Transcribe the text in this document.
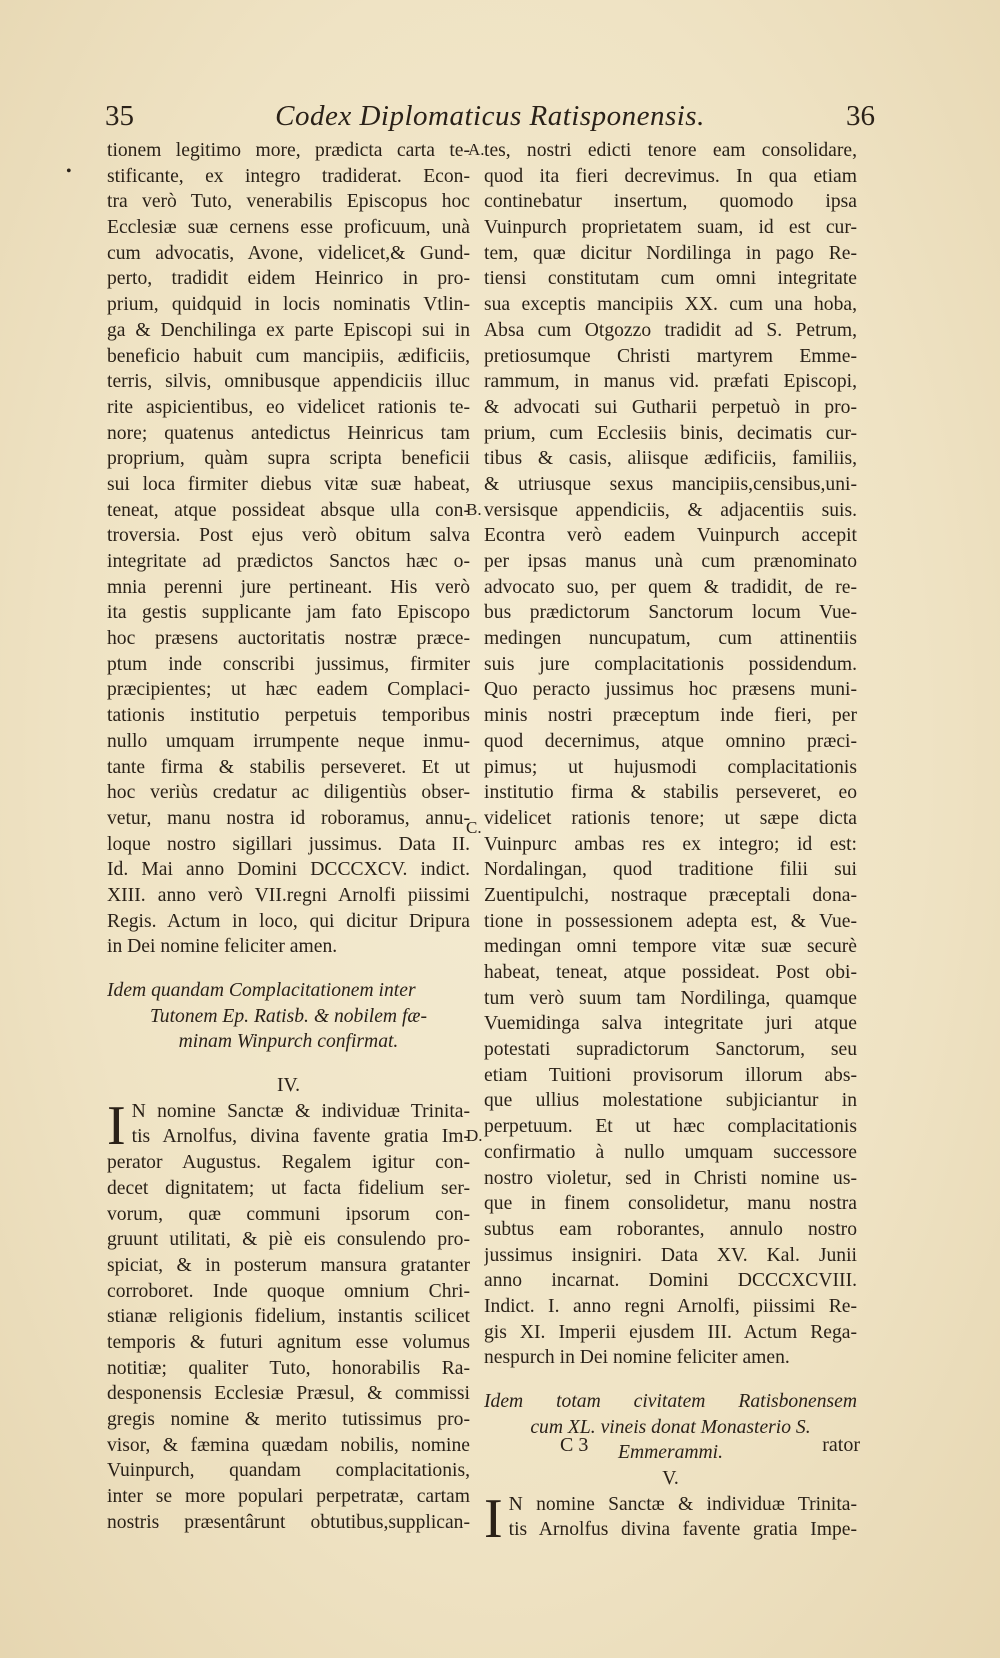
35	Codex Diplomaticus Ratisponensis.	36
•
A.
B.
C.
D.
tionem legitimo more, prædicta carta te-
stificante, ex integro tradiderat. Econ-
tra verò Tuto, venerabilis Episcopus hoc
Ecclesiæ suæ cernens esse proficuum, unà
cum advocatis, Avone, videlicet,& Gund-
perto, tradidit eidem Heinrico in pro-
prium, quidquid in locis nominatis Vtlin-
ga & Denchilinga ex parte Episcopi sui in
beneficio habuit cum mancipiis, ædificiis,
terris, silvis, omnibusque appendiciis illuc
rite aspicientibus, eo videlicet rationis te-
nore; quatenus antedictus Heinricus tam
proprium, quàm supra scripta beneficii
sui loca firmiter diebus vitæ suæ habeat,
teneat, atque possideat absque ulla con-
troversia. Post ejus verò obitum salva
integritate ad prædictos Sanctos hæc o-
mnia perenni jure pertineant. His verò
ita gestis supplicante jam fato Episcopo
hoc præsens auctoritatis nostræ præce-
ptum inde conscribi jussimus, firmiter
præcipientes; ut hæc eadem Complaci-
tationis institutio perpetuis temporibus
nullo umquam irrumpente neque inmu-
tante firma & stabilis perseveret. Et ut
hoc veriùs credatur ac diligentiùs obser-
vetur, manu nostra id roboramus, annu-
loque nostro sigillari jussimus. Data II.
Id. Mai anno Domini DCCCXCV. indict.
XIII. anno verò VII.regni Arnolfi piissimi
Regis. Actum in loco, qui dicitur Dripura
in Dei nomine feliciter amen.
Idem quandam Complacitationem inter
Tutonem Ep. Ratisb. & nobilem fæ-
minam Winpurch confirmat.
IV.
I N nomine Sanctæ & individuæ Trinita-
tis Arnolfus, divina favente gratia Im-
perator Augustus. Regalem igitur con-
decet dignitatem; ut facta fidelium ser-
vorum, quæ communi ipsorum con-
gruunt utilitati, & piè eis consulendo pro-
spiciat, & in posterum mansura gratanter
corroboret. Inde quoque omnium Chri-
stianæ religionis fidelium, instantis scilicet
temporis & futuri agnitum esse volumus
notitiæ; qualiter Tuto, honorabilis Ra-
desponensis Ecclesiæ Præsul, & commissi
gregis nomine & merito tutissimus pro-
visor, & fæmina quædam nobilis, nomine
Vuinpurch, quandam complacitationis,
inter se more populari perpetratæ, cartam
nostris præsentârunt obtutibus,supplican-
tes, nostri edicti tenore eam consolidare,
quod ita fieri decrevimus. In qua etiam
continebatur insertum, quomodo ipsa
Vuinpurch proprietatem suam, id est cur-
tem, quæ dicitur Nordilinga in pago Re-
tiensi constitutam cum omni integritate
sua exceptis mancipiis XX. cum una hoba,
Absa cum Otgozzo tradidit ad S. Petrum,
pretiosumque Christi martyrem Emme-
rammum, in manus vid. præfati Episcopi,
& advocati sui Gutharii perpetuò in pro-
prium, cum Ecclesiis binis, decimatis cur-
tibus & casis, aliisque ædificiis, familiis,
& utriusque sexus mancipiis,censibus,uni-
versisque appendiciis, & adjacentiis suis.
Econtra verò eadem Vuinpurch accepit
per ipsas manus unà cum prænominato
advocato suo, per quem & tradidit, de re-
bus prædictorum Sanctorum locum Vue-
medingen nuncupatum, cum attinentiis
suis jure complacitationis possidendum.
Quo peracto jussimus hoc præsens muni-
minis nostri præceptum inde fieri, per
quod decernimus, atque omnino præci-
pimus; ut hujusmodi complacitationis
institutio firma & stabilis perseveret, eo
videlicet rationis tenore; ut sæpe dicta
Vuinpurc ambas res ex integro; id est:
Nordalingan, quod traditione filii sui
Zuentipulchi, nostraque præceptali dona-
tione in possessionem adepta est, & Vue-
medingan omni tempore vitæ suæ securè
habeat, teneat, atque possideat. Post obi-
tum verò suum tam Nordilinga, quamque
Vuemidinga salva integritate juri atque
potestati supradictorum Sanctorum, seu
etiam Tuitioni provisorum illorum abs-
que ullius molestatione subjiciantur in
perpetuum. Et ut hæc complacitationis
confirmatio à nullo umquam successore
nostro violetur, sed in Christi nomine us-
que in finem consolidetur, manu nostra
subtus eam roborantes, annulo nostro
jussimus insigniri. Data XV. Kal. Junii
anno incarnat. Domini DCCCXCVIII.
Indict. I. anno regni Arnolfi, piissimi Re-
gis XI. Imperii ejusdem III. Actum Rega-
nespurch in Dei nomine feliciter amen.
Idem totam civitatem Ratisbonensem
cum XL. vineis donat Monasterio S.
Emmerammi.
V.
I N nomine Sanctæ & individuæ Trinita-
tis Arnolfus divina favente gratia Impe-
C 3	rator
